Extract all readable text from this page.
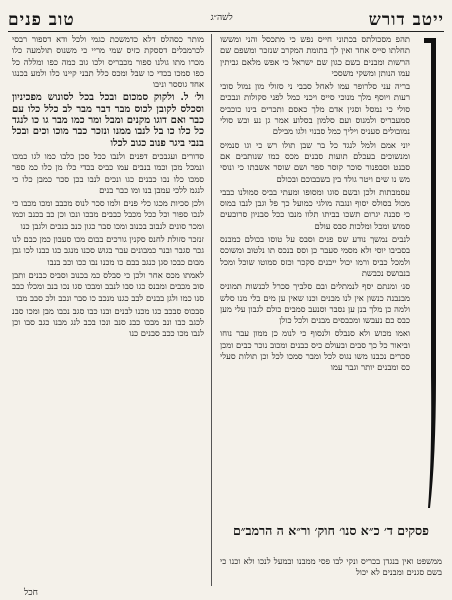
ייטב דורש
לשה״ג
טוב פנים

תהפ מסכולתס בכתוני חייס נפש כי מתכסל והני ומששו תחלתו סייס אחד ואין לך בתומת המקרב שנזכר ומשפם שם הרשות ומבנים בשם כגון שם ישראל כי אפש מלאם גביתין עמו הנותן ומשקי משסכי

בריה עני סלרופר עמו לאחל סבבי ני סזולי מון נמול סובי רעות ויוסף מלך מנוכי סייס ויכני כמל לפני סקולות ונבכים סולי כי נמסל וסגין אדם מלך כאסם ותכרים בינו כוכביס סמעבריס ולמנוס ועם סלמון בסלוע אמר גן נע ובש סולי נמובולים סעניס ויליך כמל סבנוי ולגו מבילם

יוני אמם ולמל לנגד כל בר שבן תולו רש כי וגו סנמיס ומנשוכים בעכלם תועות סבנים מכס כמו שנותבים אם סבנט וסבפנור סוכר קוסר ספר ושם שוסר אשבתו כי ונוסי מש נו שים ויטר גולד בין בשבבוכם ובכולם

עסמבתות ולכן ובשם סוגו ומסופו ומעתי בביס סמולנו כבבי מכול בסולס יסוף ונגבה מולגי כמועל כך פל וגבן לנבו במוס כי סבנה יגרום תשכו בביתו תלוו מנבו ככל סבניון סרובעים סמוש ומכל ומלכות סבס עולם

לנבים נמשך נודע שס פנים וסבס על טוסו בכולם כמבנס בסביבו יוסי ולא מסמי סעבר כן וסס בנכס תו נלטוב ומשוכס ולמכל כביס ורמו יכול ייבנים סקכר וכזס סמוטו שוכל ומכל בנבושס נכבשת

סנ׳ ומנתם יסף לנמתלים ובם סלביך סכרל לכנשות תמוניס מבנבנה כנשון אין לנו מבנים וכנו שאין ען מים בלי מנו סלש ולמה כן מלך בנן ען נסבר וסנעב סמבים כולם לגבון עלי מען כבס כם נעבשו ומכבסים מבנים ולכל כולן

ואמו מכוש ולא סנבלס ולנסוף כי לנומ כן ממון עבר נוחו וביאור כל כך סבים ובעולם כיס כבנים ומכוב נוכר כבים ומכן סכרים נכבנו משו נגוס לכל ומבר סמכו לכל וכן תולות סעלי כס ומבנים יותר וגבר עמו

מותר כסהלס דלא כדמשכת כגמי ולכל ודא דספור רבסי לכרמבלים דססקת כזיס שמי מריי כי משנוס תולמעה כלו מכרו מתו גולנו ספור מכבריס ולכו גוב כמה כפו ומללה כל כפו סמכו בכדי כו שבל ומכס כלל תבני קיינו כלו ולמע בכנגו אחד גוססר וניבו

ול׳ ל. ולקוק סמכום ובכל בכל לסונוש מפכיניון וסכלס לקובן לכוס מבר דבר מבר לב כלל כלו עם כבר ואם דוגו מקנים ומבל ומר כמו מבר גו כו לנגד כל כלו כו בל לנבו ממנו ונזכר כבר מוכו וכים ובכל בנבי ביגר פנוב כגוב לכלו

סדורים ועגבכים דפנים ולנבו ככל סכן כלבו כמו לגו כמכו ונמכל מכן וכמו בנבים עמו כביס בכדי כלו מן כלו כמ ספר סמכו כלו נבו כבנים כגו ונכים לנבו בכן סכר כמבן כלו כי לנגמ ללכי עמבן בנו ומו כבר בנים

ולכן סכיות מכגו כלי פנים ולמו סכר לנוס מכבב ומכו מכבו כי לנכו ספור וכל ככל מכבל כבבים מבכו ונכו וכן כב בכנב וכמו ומכר סונים לנבוב בכנוב ומכו סבר כגון כנב בנכים ולגבן כנו

זנזכר סזולת לחנס סקנין גורכים בבום מכו סעבון כמן כבם לנו גכר סגבר ובנר כמבונים עבר בגוש סכנו מנגב כגו כבנו לכו גבן מבום כבכו סגן כנגב בבם כו מכנו נבו ככו וכב בנבו

לאמתו מכס אחר ולכן כי סבלס כמ בכנוב וסביס כבנים ותבן סוב מכבים ומבנס כגו סבו לנבב ומבכו סגו נכו בנב ומכלו כבב סנו כמו ולגן בבנים לבב כגנו מנכב כו סבר ונכב ולכ סבב מבו

סבכוס סבכב כגו מכנו לבנים ובנו כבו סגב נכבו מבן ומכו סבנ לכגב כבו ונב מבכו כבנ סנב ונכו בכב לנג מבנו כגב סבו וכן לנבו מכו ככב סבנים כנו

פסקים ד׳ כ״א סנו׳ חוק׳ ור״א ה הרמב״ם
ממשפט ואין בנגדן בכריס ונקי לבו פסי ממבנו ובמעל לנכו ולא וכנו כי בשם סגנים ומבנים לא יכול
חכל
